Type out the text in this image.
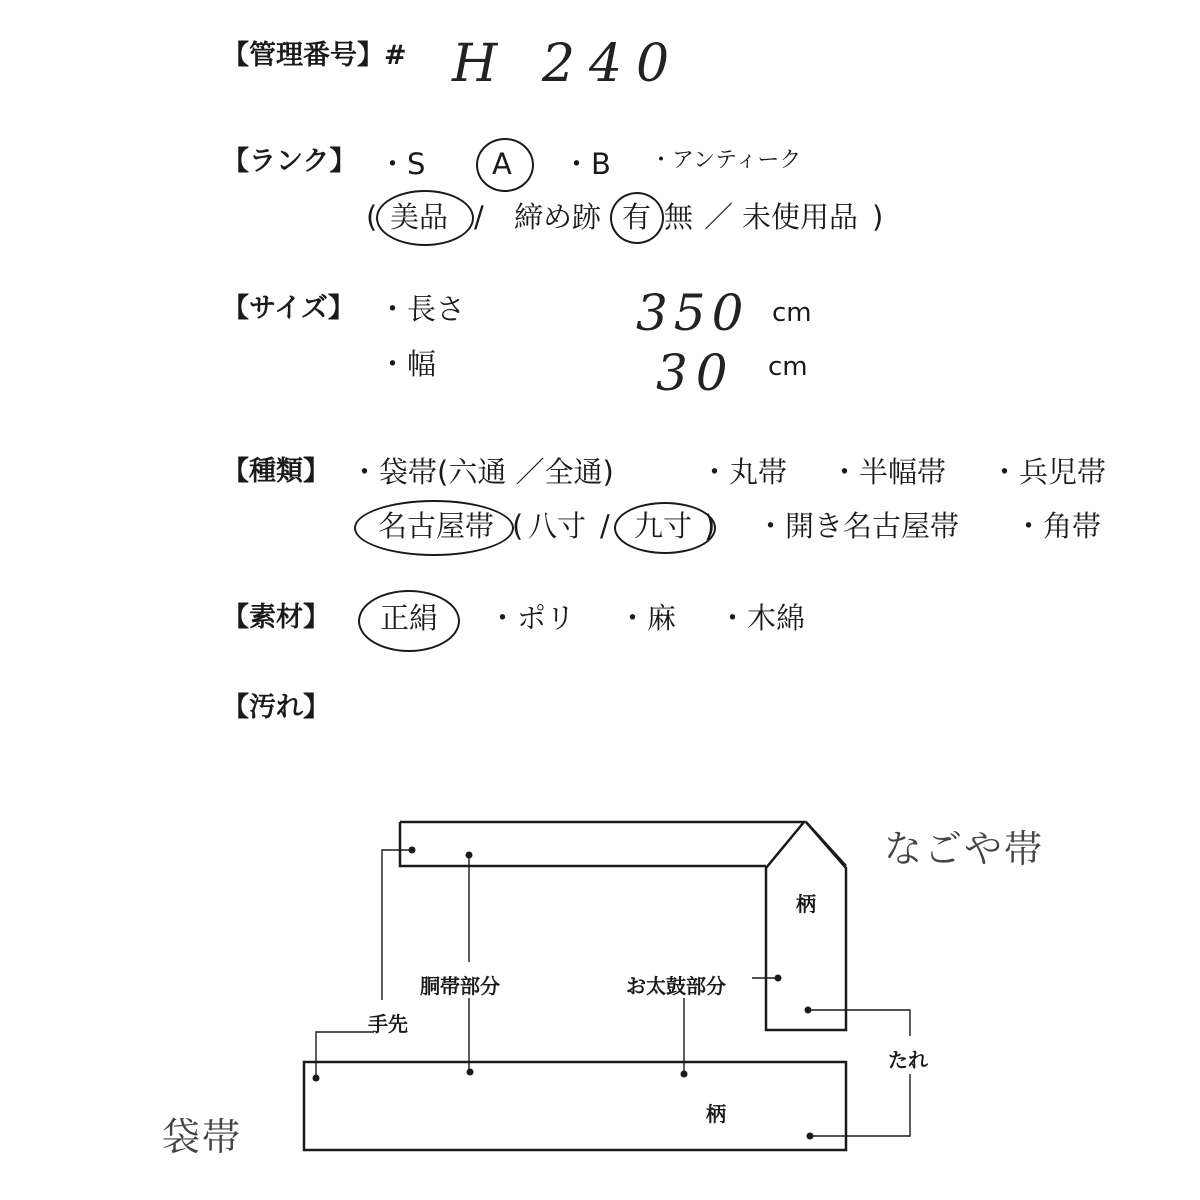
【管理番号】# H 240
【ランク】 ・S A ・B ・アンティーク
( 美品 / 締め跡 有 無 ／ 未使用品 )
【サイズ】 ・長さ	350 cm
・幅	30 cm
【種類】 ・袋帯(六通 ／全通)	・丸帯 ・半幅帯 ・兵児帯
名古屋帯 ( 八寸 / 九寸 ) ・開き名古屋帯 ・角帯
【素材】 正絹 ・ポリ ・麻 ・木綿
【汚れ】
なごや帯
袋帯
柄
柄
胴帯部分	お太鼓部分
手先
たれ
